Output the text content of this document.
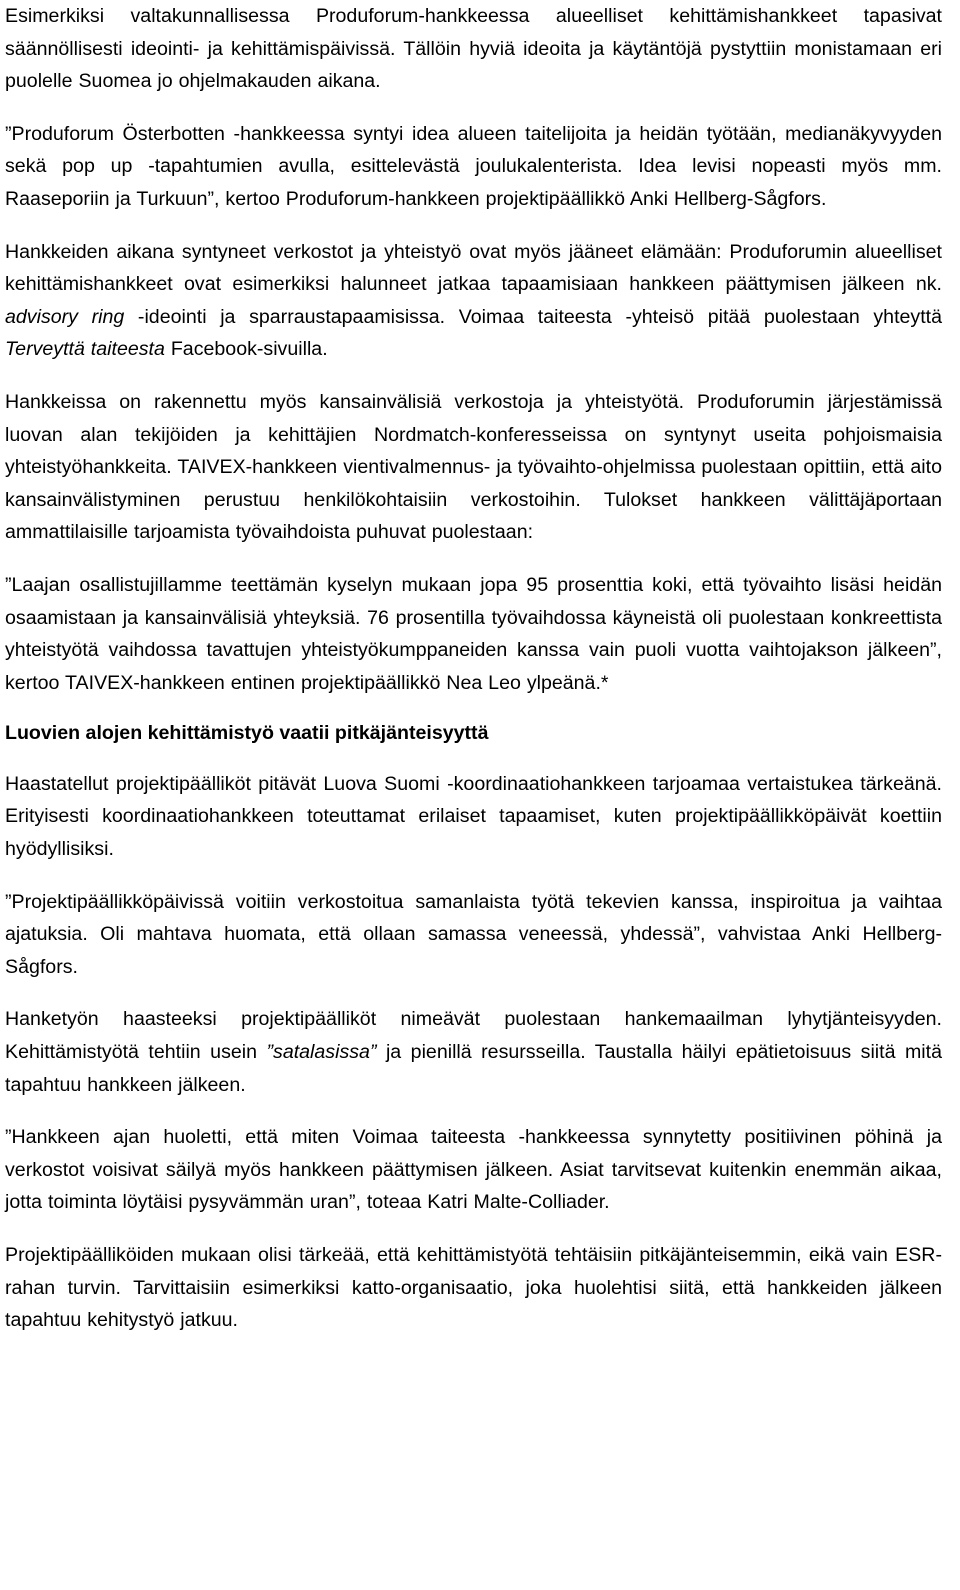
Esimerkiksi valtakunnallisessa Produforum-hankkeessa alueelliset kehittämishankkeet tapasivat säännöllisesti ideointi- ja kehittämispäivissä. Tällöin hyviä ideoita ja käytäntöjä pystyttiin monistamaan eri puolelle Suomea jo ohjelmakauden aikana.

”Produforum Österbotten -hankkeessa syntyi idea alueen taitelijoita ja heidän työtään, medianäkyvyyden sekä pop up -tapahtumien avulla, esittelevästä joulukalenterista. Idea levisi nopeasti myös mm. Raaseporiin ja Turkuun”, kertoo Produforum-hankkeen projektipäällikkö Anki Hellberg-Sågfors.

Hankkeiden aikana syntyneet verkostot ja yhteistyö ovat myös jääneet elämään: Produforumin alueelliset kehittämishankkeet ovat esimerkiksi halunneet jatkaa tapaamisiaan hankkeen päättymisen jälkeen nk. advisory ring -ideointi ja sparraustapaamisissa. Voimaa taiteesta -yhteisö pitää puolestaan yhteyttä Terveyttä taiteesta Facebook-sivuilla.

Hankkeissa on rakennettu myös kansainvälisiä verkostoja ja yhteistyötä. Produforumin järjestämissä luovan alan tekijöiden ja kehittäjien Nordmatch-konferesseissa on syntynyt useita pohjoismaisia yhteistyöhankkeita. TAIVEX-hankkeen vientivalmennus- ja työvaihto-ohjelmissa puolestaan opittiin, että aito kansainvälistyminen perustuu henkilökohtaisiin verkostoihin. Tulokset hankkeen välittäjäportaan ammattilaisille tarjoamista työvaihdoista puhuvat puolestaan:

”Laajan osallistujillamme teettämän kyselyn mukaan jopa 95 prosenttia koki, että työvaihto lisäsi heidän osaamistaan ja kansainvälisiä yhteyksiä. 76 prosentilla työvaihdossa käyneistä oli puolestaan konkreettista yhteistyötä vaihdossa tavattujen yhteistyökumppaneiden kanssa vain puoli vuotta vaihtojakson jälkeen”, kertoo TAIVEX-hankkeen entinen projektipäällikkö Nea Leo ylpeänä.*

Luovien alojen kehittämistyö vaatii pitkäjänteisyyttä

Haastatellut projektipäälliköt pitävät Luova Suomi -koordinaatiohankkeen tarjoamaa vertaistukea tärkeänä. Erityisesti koordinaatiohankkeen toteuttamat erilaiset tapaamiset, kuten projektipäällikköpäivät koettiin hyödyllisiksi.

”Projektipäällikköpäivissä voitiin verkostoitua samanlaista työtä tekevien kanssa, inspiroitua ja vaihtaa ajatuksia. Oli mahtava huomata, että ollaan samassa veneessä, yhdessä”, vahvistaa Anki Hellberg-Sågfors.

Hanketyön haasteeksi projektipäälliköt nimeävät puolestaan hankemaailman lyhytjänteisyyden. Kehittämistyötä tehtiin usein ”satalasissa” ja pienillä resursseilla. Taustalla häilyi epätietoisuus siitä mitä tapahtuu hankkeen jälkeen.

”Hankkeen ajan huoletti, että miten Voimaa taiteesta -hankkeessa synnytetty positiivinen pöhinä ja verkostot voisivat säilyä myös hankkeen päättymisen jälkeen. Asiat tarvitsevat kuitenkin enemmän aikaa, jotta toiminta löytäisi pysyvämmän uran”, toteaa Katri Malte-Colliader.

Projektipäälliköiden mukaan olisi tärkeää, että kehittämistyötä tehtäisiin pitkäjänteisemmin, eikä vain ESR-rahan turvin. Tarvittaisiin esimerkiksi katto-organisaatio, joka huolehtisi siitä, että hankkeiden jälkeen tapahtuu kehitystyö jatkuu.
